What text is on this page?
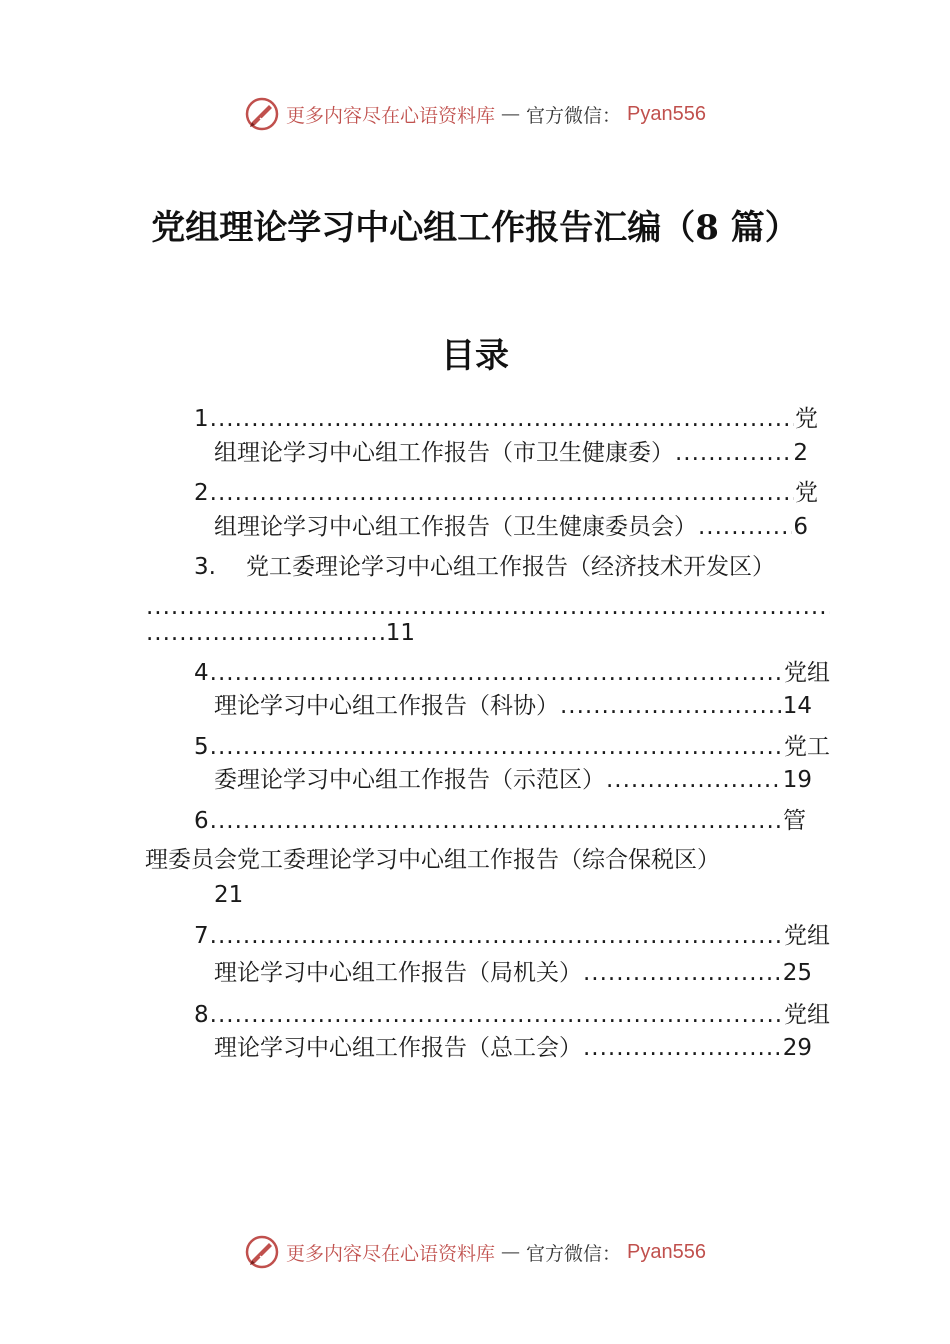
更多内容尽在心语资料库 — 官方微信： Pyan556
党组理论学习中心组工作报告汇编（8 篇）
目录
1 .....	党
组理论学习中心组工作报告（市卫生健康委） .....	2
2 .....	党
组理论学习中心组工作报告（卫生健康委员会） .....	6
3. 党工委理论学习中心组工作报告（经济技术开发区）
.....
.....
11
4 .....	党组
理论学习中心组工作报告（科协） .....	14
5 .....	党工
委理论学习中心组工作报告（示范区） .....	19
6 .....	管
理委员会党工委理论学习中心组工作报告（综合保税区）
21
7 .....	党组
理论学习中心组工作报告（局机关） .....	25
8 .....	党组
理论学习中心组工作报告（总工会） .....	29
更多内容尽在心语资料库 — 官方微信： Pyan556
